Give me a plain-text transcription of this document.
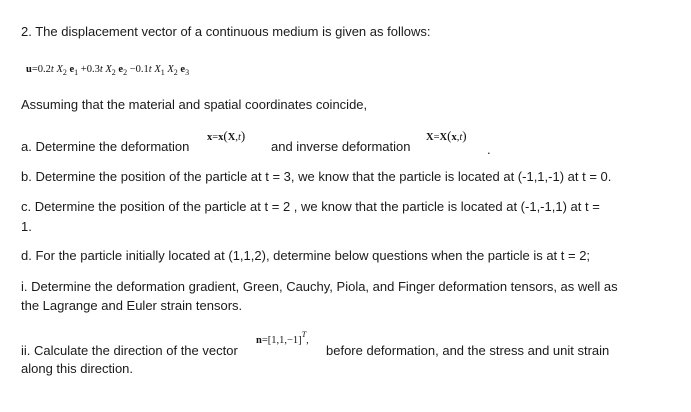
2. The displacement vector of a continuous medium is given as follows:
u=0.2t $X_2$ $e_1 +0.3t$ $X_2$ $e_2 -0.1t$ $X_1$ $X_2$ $e_3$
Assuming that the material and spatial coordinates coincide,
a. Determine the deformation
x=x(X,t)
and inverse deformation
X=X(x,t)
.
b. Determine the position of the particle at t = 3, we know that the particle is located at (-1,1,-1) at t = 0.
c. Determine the position of the particle at t = 2 , we know that the particle is located at (-1,-1,1) at t =
1.
d. For the particle initially located at (1,1,2), determine below questions when the particle is at t = 2;
i. Determine the deformation gradient, Green, Cauchy, Piola, and Finger deformation tensors, as well as
the Lagrange and Euler strain tensors.
ii. Calculate the direction of the vector
$n=[1,1,-1]^T$,
before deformation, and the stress and unit strain
along this direction.
